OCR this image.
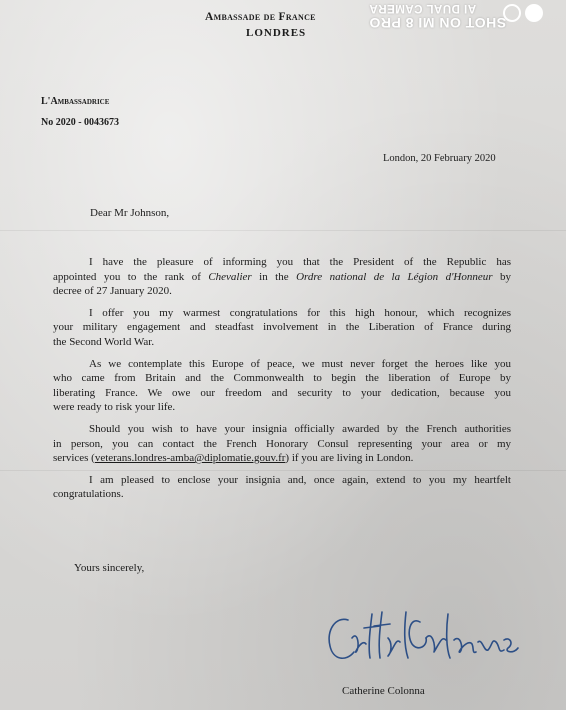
Ambassade de France
LONDRES
SHOT ON MI 8 PRO
AI DUAL CAMERA
L'Ambassadrice
No 2020 - 0043673
London, 20 February 2020
Dear Mr Johnson,
I have the pleasure of informing you that the President of the Republic has
appointed you to the rank of Chevalier in the Ordre national de la Légion d'Honneur by
decree of 27 January 2020.
I offer you my warmest congratulations for this high honour, which recognizes
your military engagement and steadfast involvement in the Liberation of France during
the Second World War.
As we contemplate this Europe of peace, we must never forget the heroes like you
who came from Britain and the Commonwealth to begin the liberation of Europe by
liberating France. We owe our freedom and security to your dedication, because you
were ready to risk your life.
Should you wish to have your insignia officially awarded by the French authorities
in person, you can contact the French Honorary Consul representing your area or my
services (veterans.londres-amba@diplomatie.gouv.fr) if you are living in London.
I am pleased to enclose your insignia and, once again, extend to you my heartfelt
congratulations.
Yours sincerely,
Catherine Colonna
